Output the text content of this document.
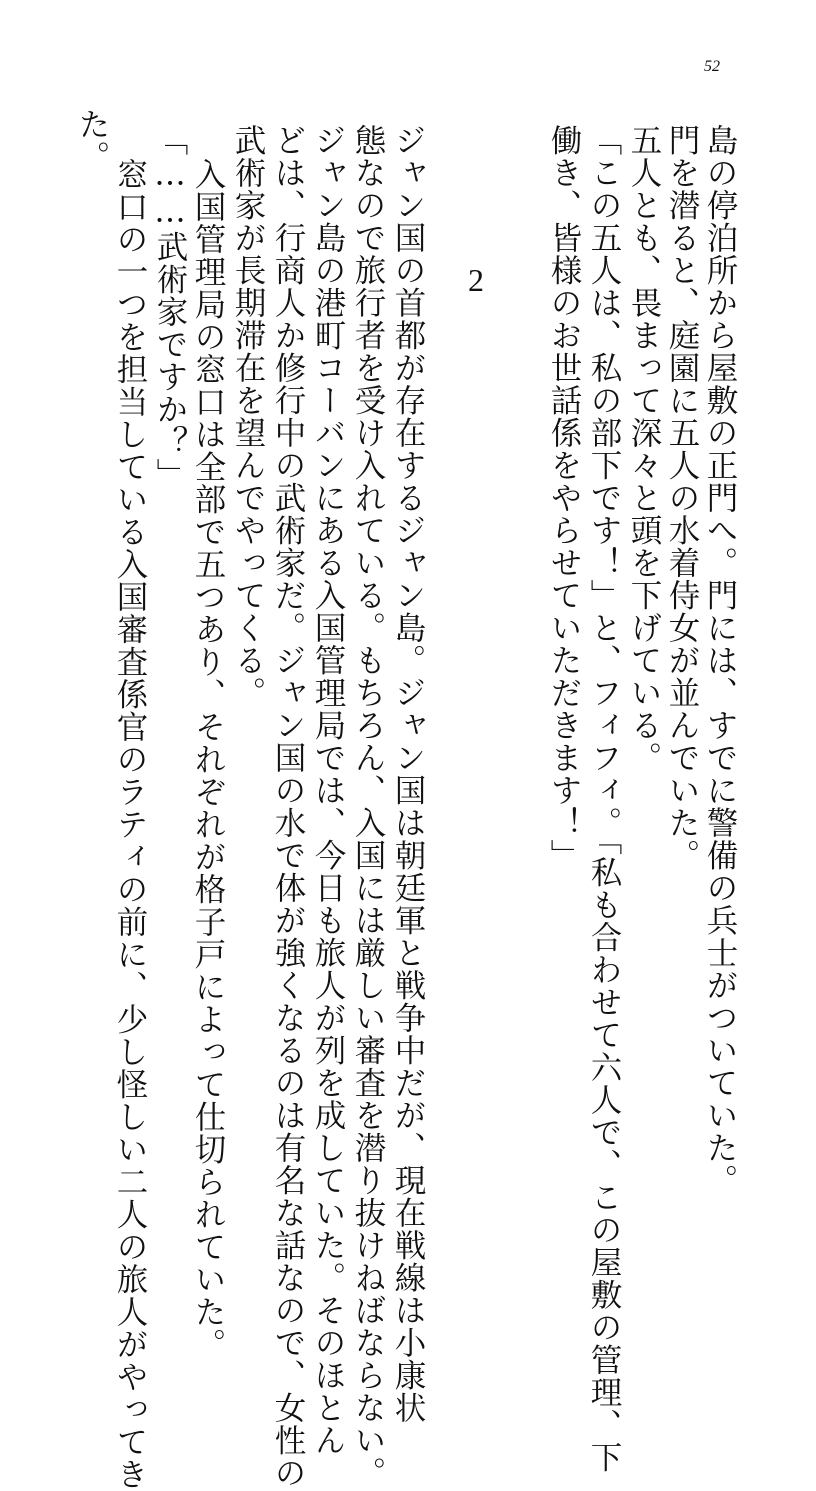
52
島の停泊所から屋敷の正門へ。門には、すでに警備の兵士がついていた。
門を潜ると、庭園に五人の水着侍女が並んでいた。
五人とも、畏まって深々と頭を下げている。
「この五人は、私の部下です！」と、フィフィ。「私も合わせて六人で、この屋敷の管理、下
働き、皆様のお世話係をやらせていただきます！」
2
ジャン国の首都が存在するジャン島。ジャン国は朝廷軍と戦争中だが、現在戦線は小康状
態なので旅行者を受け入れている。もちろん、入国には厳しい審査を潜り抜けねばならない。
ジャン島の港町コーバンにある入国管理局では、今日も旅人が列を成していた。そのほとん
どは、行商人か修行中の武術家だ。ジャン国の水で体が強くなるのは有名な話なので、女性の
武術家が長期滞在を望んでやってくる。
入国管理局の窓口は全部で五つあり、それぞれが格子戸によって仕切られていた。
「……武術家ですか？」
窓口の一つを担当している入国審査係官のラティの前に、少し怪しい二人の旅人がやってき
た。
